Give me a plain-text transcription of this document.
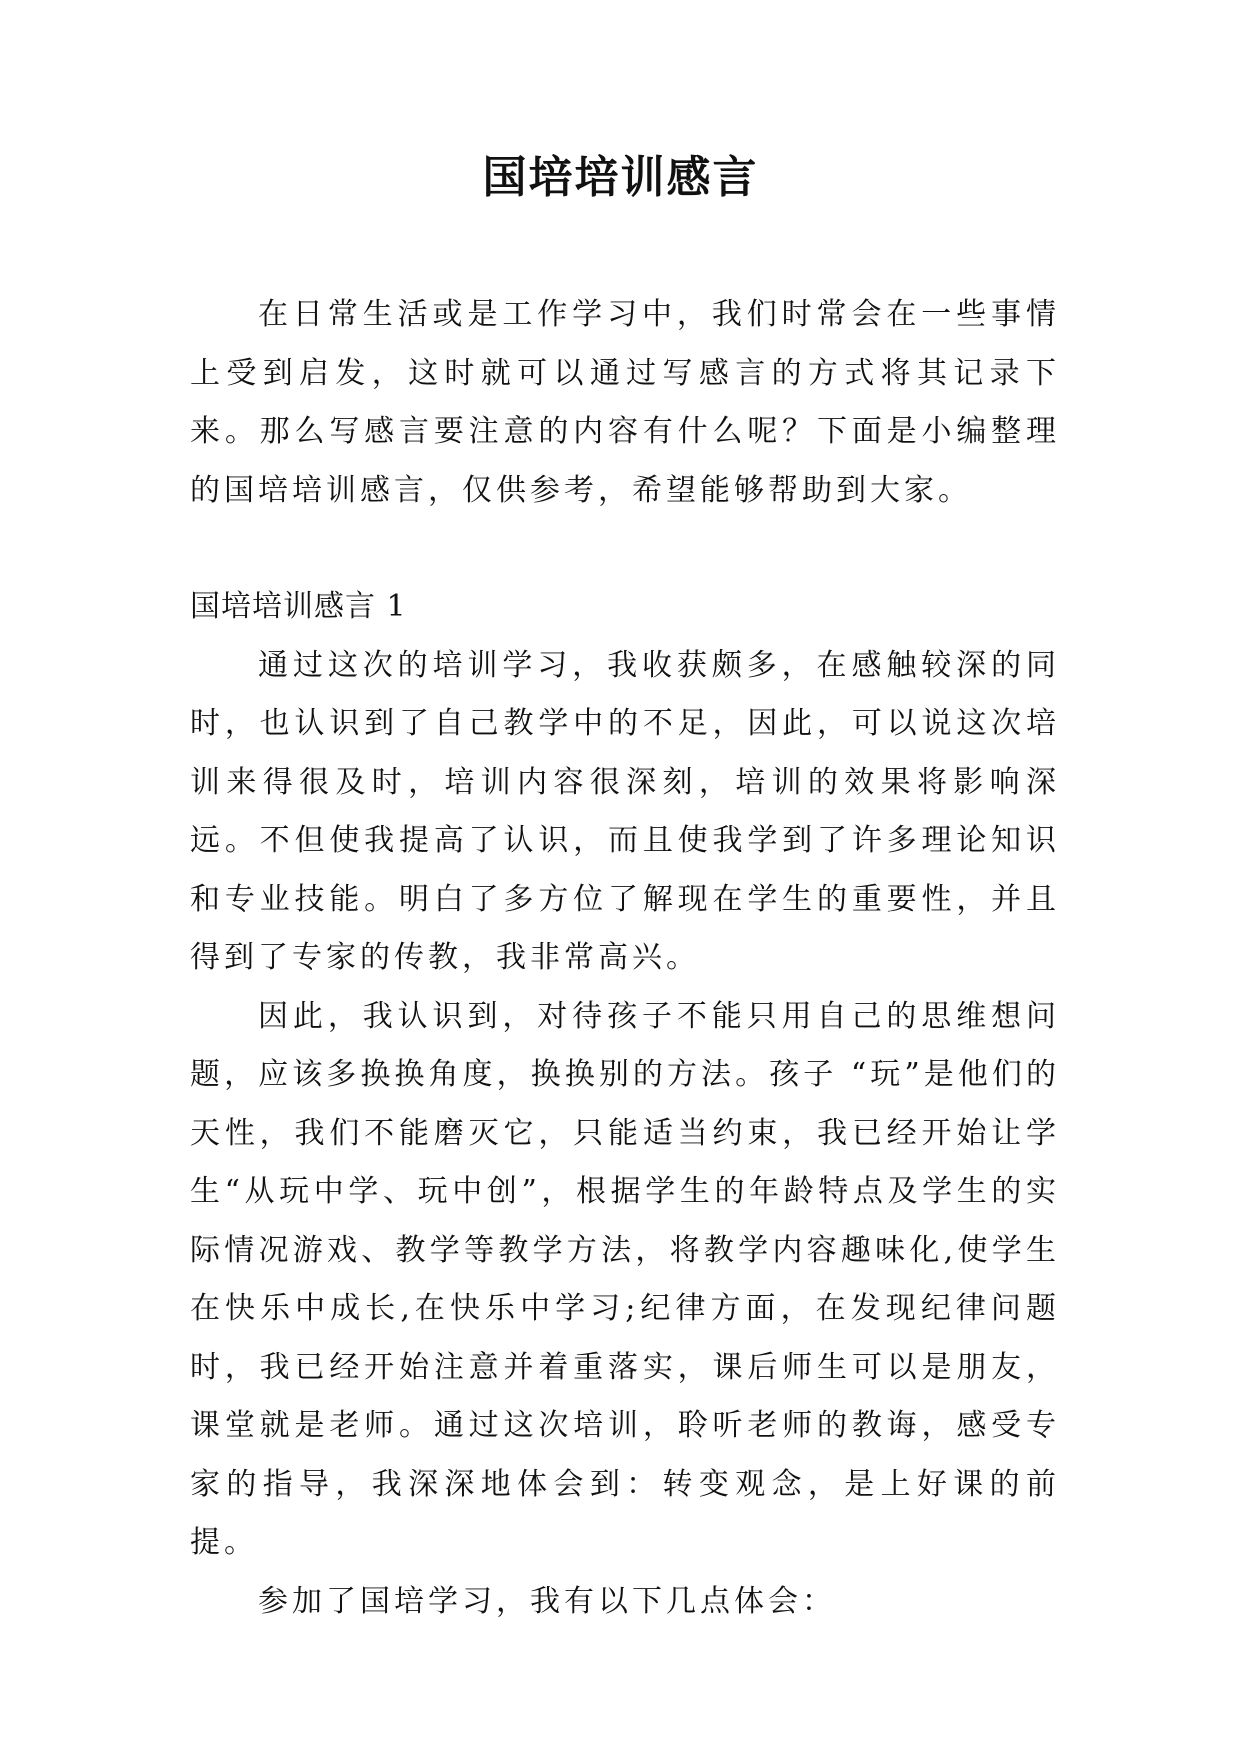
国培培训感言

在日常生活或是工作学习中，我们时常会在一些事情上受到启发，这时就可以通过写感言的方式将其记录下来。那么写感言要注意的内容有什么呢？下面是小编整理的国培培训感言，仅供参考，希望能够帮助到大家。

国培培训感言 1

通过这次的培训学习，我收获颇多，在感触较深的同时，也认识到了自己教学中的不足，因此，可以说这次培训来得很及时，培训内容很深刻，培训的效果将影响深远。不但使我提高了认识，而且使我学到了许多理论知识和专业技能。明白了多方位了解现在学生的重要性，并且得到了专家的传教，我非常高兴。

因此，我认识到，对待孩子不能只用自己的思维想问题，应该多换换角度，换换别的方法。孩子 “玩”是他们的天性，我们不能磨灭它，只能适当约束，我已经开始让学生“从玩中学、玩中创”，根据学生的年龄特点及学生的实际情况游戏、教学等教学方法，将教学内容趣味化,使学生在快乐中成长,在快乐中学习;纪律方面，在发现纪律问题时，我已经开始注意并着重落实，课后师生可以是朋友，课堂就是老师。通过这次培训，聆听老师的教诲，感受专家的指导，我深深地体会到：转变观念，是上好课的前提。

参加了国培学习，我有以下几点体会：
